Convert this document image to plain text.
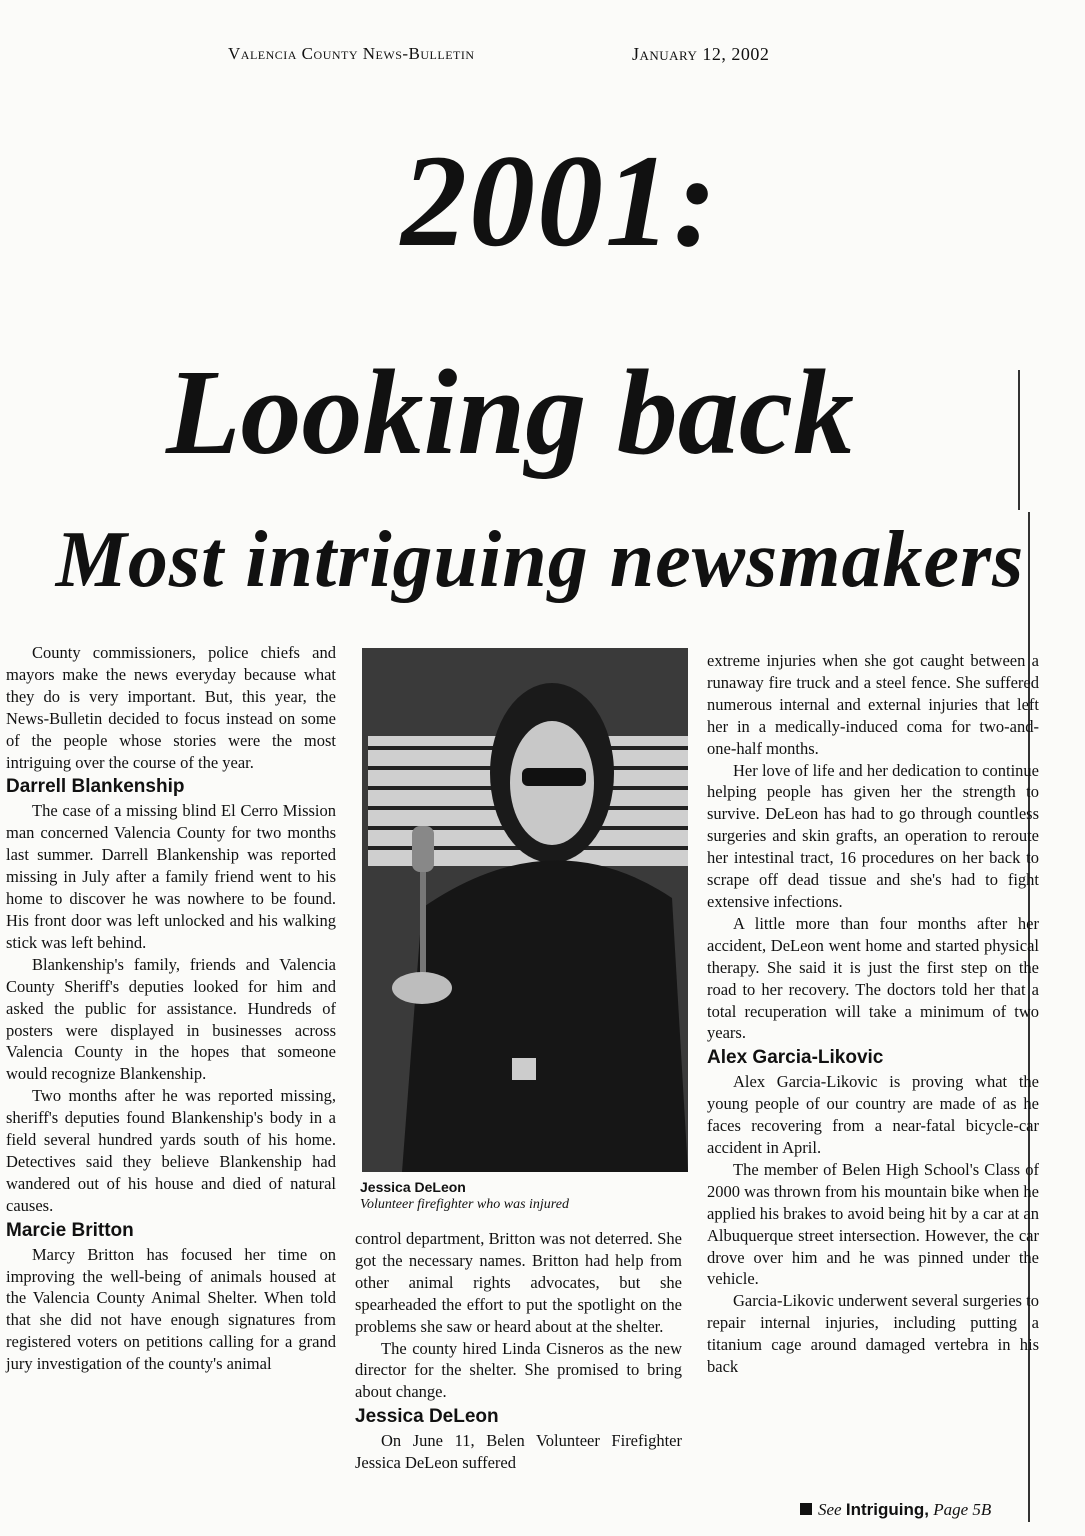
Valencia County News-Bulletin	January 12, 2002
2001:
Looking back
Most intriguing newsmakers

County commissioners, police chiefs and mayors make the news everyday because what they do is very important. But, this year, the News-Bulletin decided to focus instead on some of the people whose stories were the most intriguing over the course of the year.

Darrell Blankenship

The case of a missing blind El Cerro Mission man concerned Valencia County for two months last summer. Darrell Blankenship was reported missing in July after a family friend went to his home to discover he was nowhere to be found. His front door was left unlocked and his walking stick was left behind.

Blankenship's family, friends and Valencia County Sheriff's deputies looked for him and asked the public for assistance. Hundreds of posters were displayed in businesses across Valencia County in the hopes that someone would recognize Blankenship.

Two months after he was reported missing, sheriff's deputies found Blankenship's body in a field several hundred yards south of his home. Detectives said they believe Blankenship had wandered out of his house and died of natural causes.

Marcie Britton

Marcy Britton has focused her time on improving the well-being of animals housed at the Valencia County Animal Shelter. When told that she did not have enough signatures from registered voters on petitions calling for a grand jury investigation of the county's animal

Jessica DeLeon
Volunteer firefighter who was injured

control department, Britton was not deterred. She got the necessary names. Britton had help from other animal rights advocates, but she spearheaded the effort to put the spotlight on the problems she saw or heard about at the shelter.

The county hired Linda Cisneros as the new director for the shelter. She promised to bring about change.

Jessica DeLeon

On June 11, Belen Volunteer Firefighter Jessica DeLeon suffered

extreme injuries when she got caught between a runaway fire truck and a steel fence. She suffered numerous internal and external injuries that left her in a medically-induced coma for two-and-one-half months.

Her love of life and her dedication to continue helping people has given her the strength to survive. DeLeon has had to go through countless surgeries and skin grafts, an operation to reroute her intestinal tract, 16 procedures on her back to scrape off dead tissue and she's had to fight extensive infections.

A little more than four months after her accident, DeLeon went home and started physical therapy. She said it is just the first step on the road to her recovery. The doctors told her that a total recuperation will take a minimum of two years.

Alex Garcia-Likovic

Alex Garcia-Likovic is proving what the young people of our country are made of as he faces recovering from a near-fatal bicycle-car accident in April.

The member of Belen High School's Class of 2000 was thrown from his mountain bike when he applied his brakes to avoid being hit by a car at an Albuquerque street intersection. However, the car drove over him and he was pinned under the vehicle.

Garcia-Likovic underwent several surgeries to repair internal injuries, including putting a titanium cage around damaged vertebra in his back

See Intriguing, Page 5B
